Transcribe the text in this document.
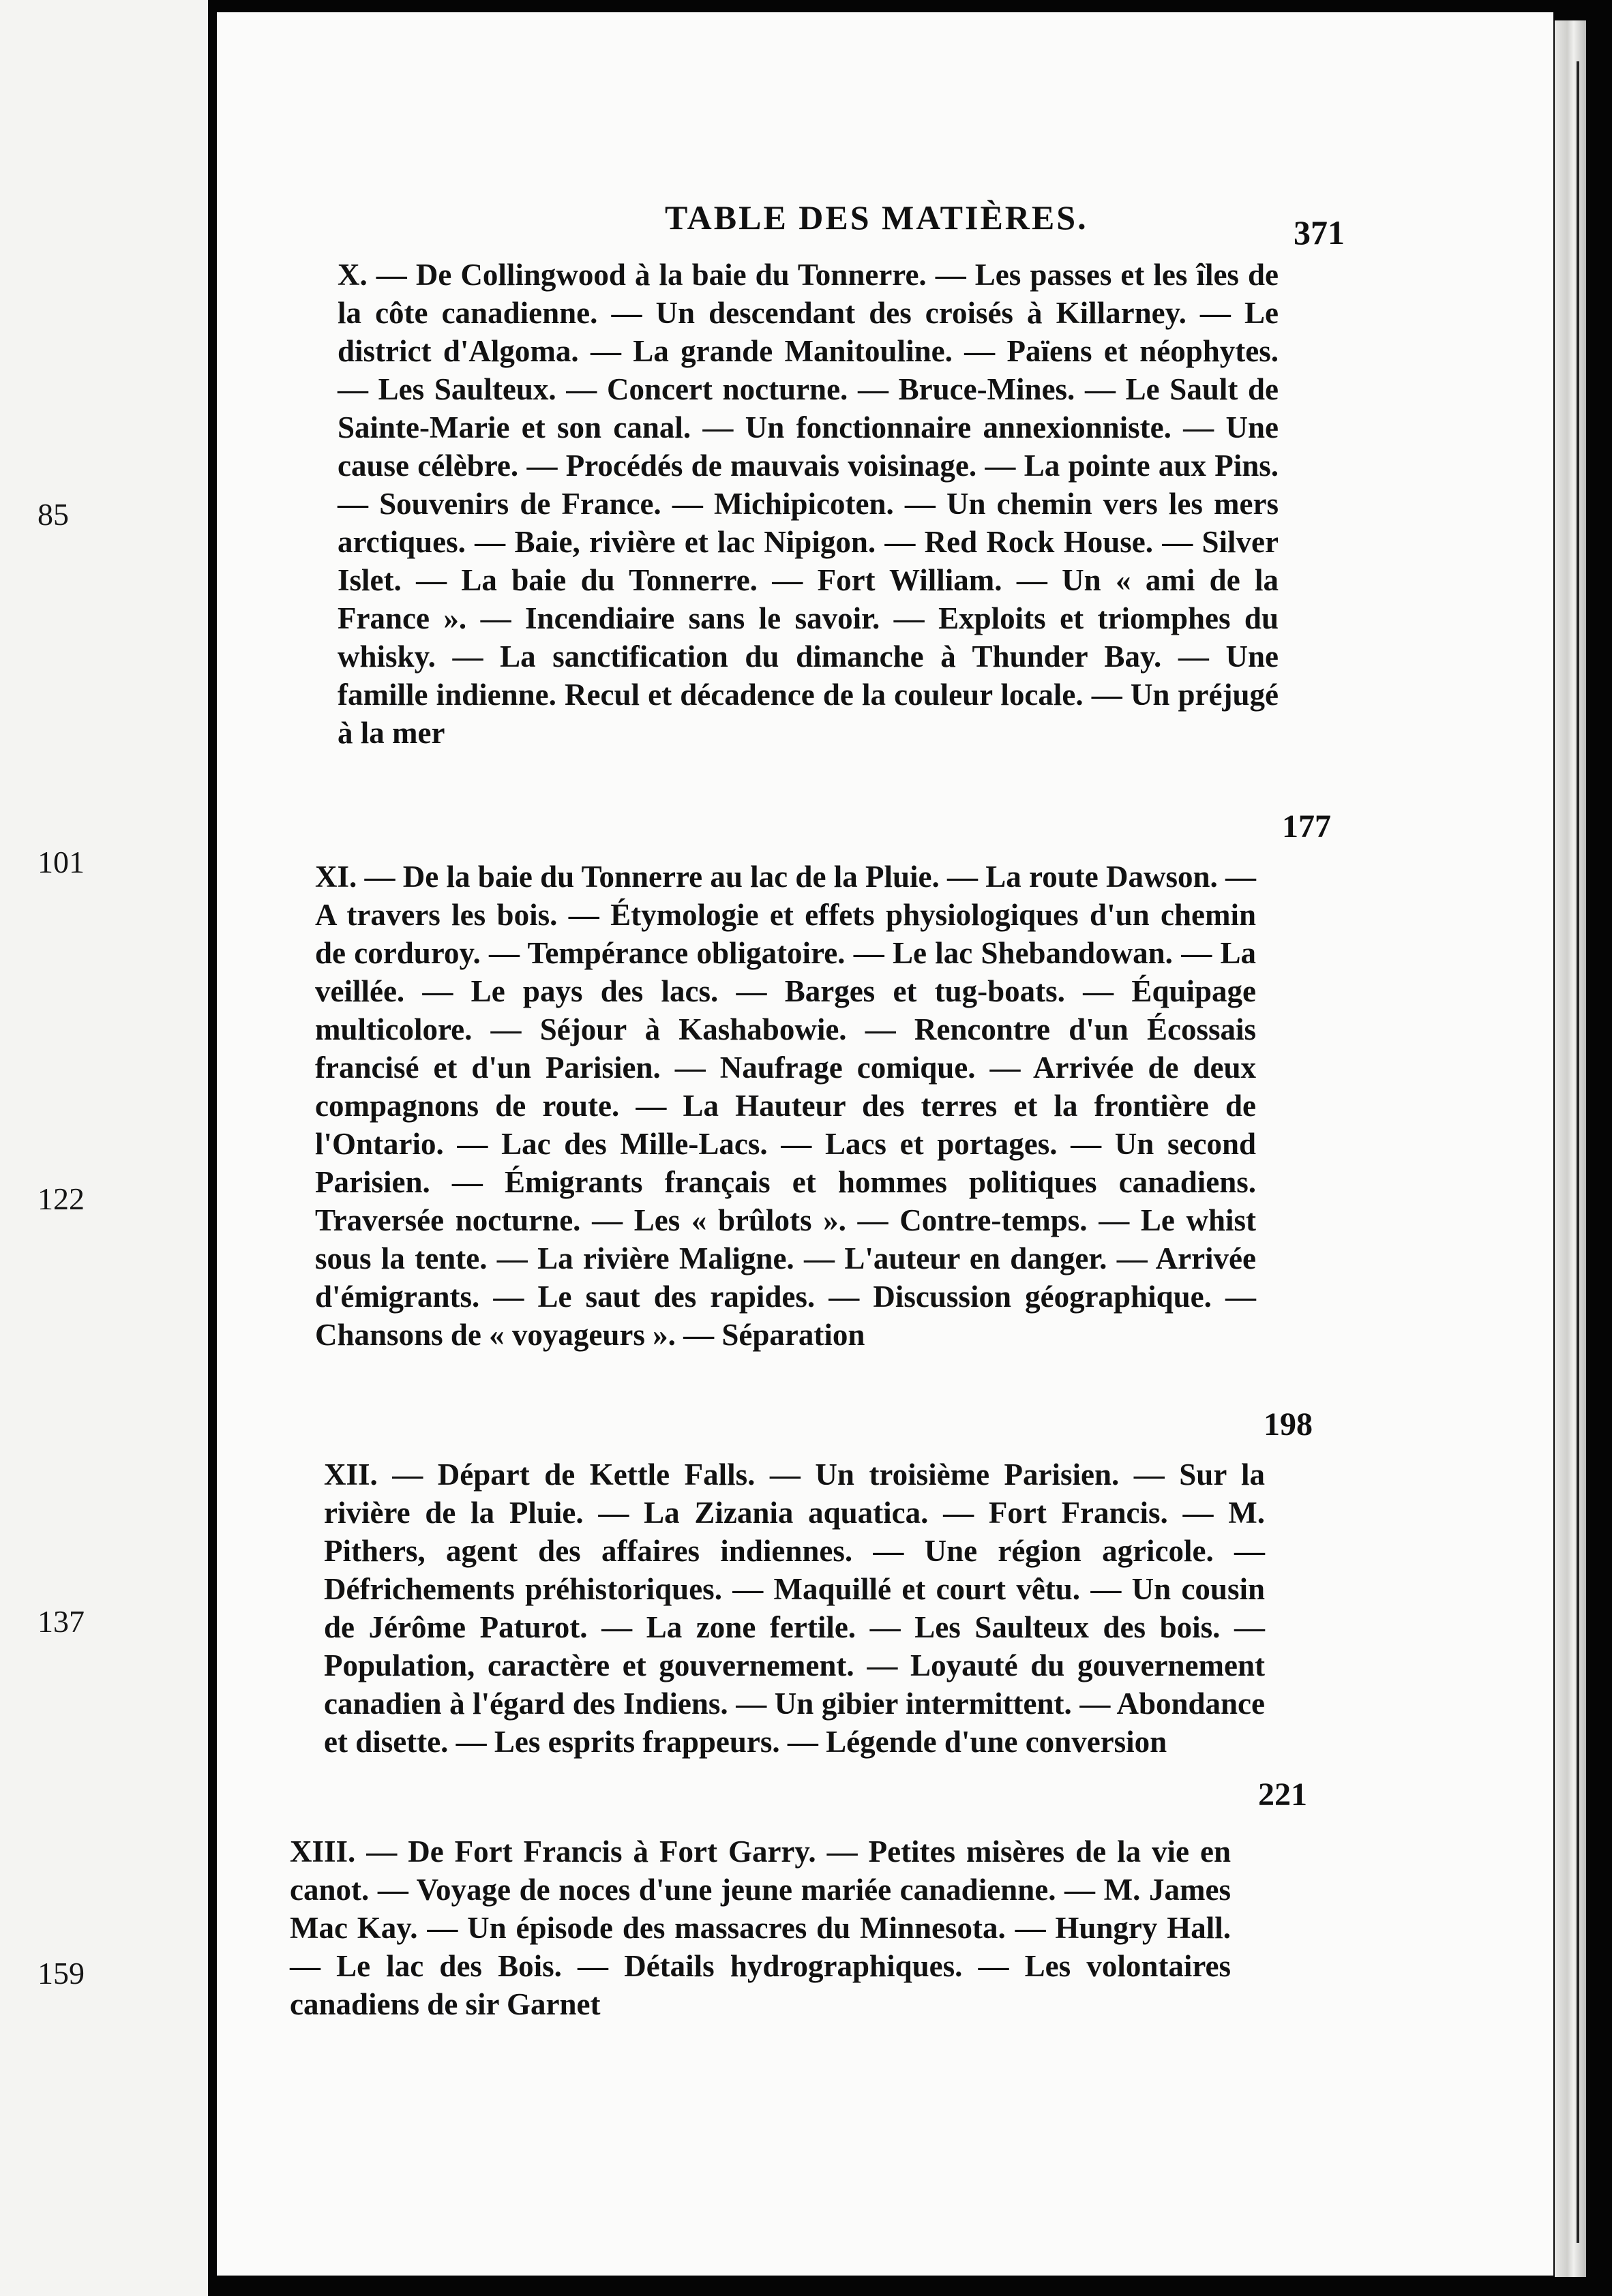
85
101
122
137
159
TABLE DES MATIÈRES.	371
X. — De Collingwood à la baie du Tonnerre. — Les passes et les îles de la côte canadienne. — Un descendant des croisés à Killarney. — Le district d'Algoma. — La grande Manitouline. — Païens et néophytes. — Les Saulteux. — Concert nocturne. — Bruce-Mines. — Le Sault de Sainte-Marie et son canal. — Un fonctionnaire annexionniste. — Une cause célèbre. — Procédés de mauvais voisinage. — La pointe aux Pins. — Souvenirs de France. — Michipicoten. — Un chemin vers les mers arctiques. — Baie, rivière et lac Nipigon. — Red Rock House. — Silver Islet. — La baie du Tonnerre. — Fort William. — Un « ami de la France ». — Incendiaire sans le savoir. — Exploits et triomphes du whisky. — La sanctification du dimanche à Thunder Bay. — Une famille indienne. Recul et décadence de la couleur locale. — Un préjugé à la mer
177
XI. — De la baie du Tonnerre au lac de la Pluie. — La route Dawson. — A travers les bois. — Étymologie et effets physiologiques d'un chemin de corduroy. — Tempérance obligatoire. — Le lac Shebandowan. — La veillée. — Le pays des lacs. — Barges et tug-boats. — Équipage multicolore. — Séjour à Kashabowie. — Rencontre d'un Écossais francisé et d'un Parisien. — Naufrage comique. — Arrivée de deux compagnons de route. — La Hauteur des terres et la frontière de l'Ontario. — Lac des Mille-Lacs. — Lacs et portages. — Un second Parisien. — Émigrants français et hommes politiques canadiens. Traversée nocturne. — Les « brûlots ». — Contre-temps. — Le whist sous la tente. — La rivière Maligne. — L'auteur en danger. — Arrivée d'émigrants. — Le saut des rapides. — Discussion géographique. — Chansons de « voyageurs ». — Séparation
198
XII. — Départ de Kettle Falls. — Un troisième Parisien. — Sur la rivière de la Pluie. — La Zizania aquatica. — Fort Francis. — M. Pithers, agent des affaires indiennes. — Une région agricole. — Défrichements préhistoriques. — Maquillé et court vêtu. — Un cousin de Jérôme Paturot. — La zone fertile. — Les Saulteux des bois. — Population, caractère et gouvernement. — Loyauté du gouvernement canadien à l'égard des Indiens. — Un gibier intermittent. — Abondance et disette. — Les esprits frappeurs. — Légende d'une conversion
221
XIII. — De Fort Francis à Fort Garry. — Petites misères de la vie en canot. — Voyage de noces d'une jeune mariée canadienne. — M. James Mac Kay. — Un épisode des massacres du Minnesota. — Hungry Hall. — Le lac des Bois. — Détails hydrographiques. — Les volontaires canadiens de sir Garnet
